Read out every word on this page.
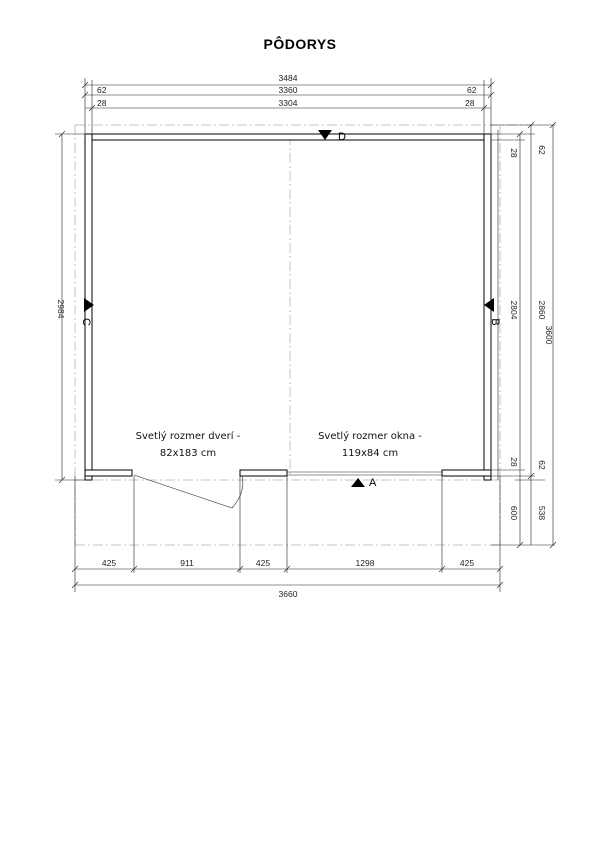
PÔDORYS
3484
3360
3304
62
28
62
28
2984
3600
2860
2804
62
28
62
28
600 538
425	911	425	1298	425
3660
D
A
C	B
Svetlý rozmer dverí -
82x183 cm
Svetlý rozmer okna -
119x84 cm
